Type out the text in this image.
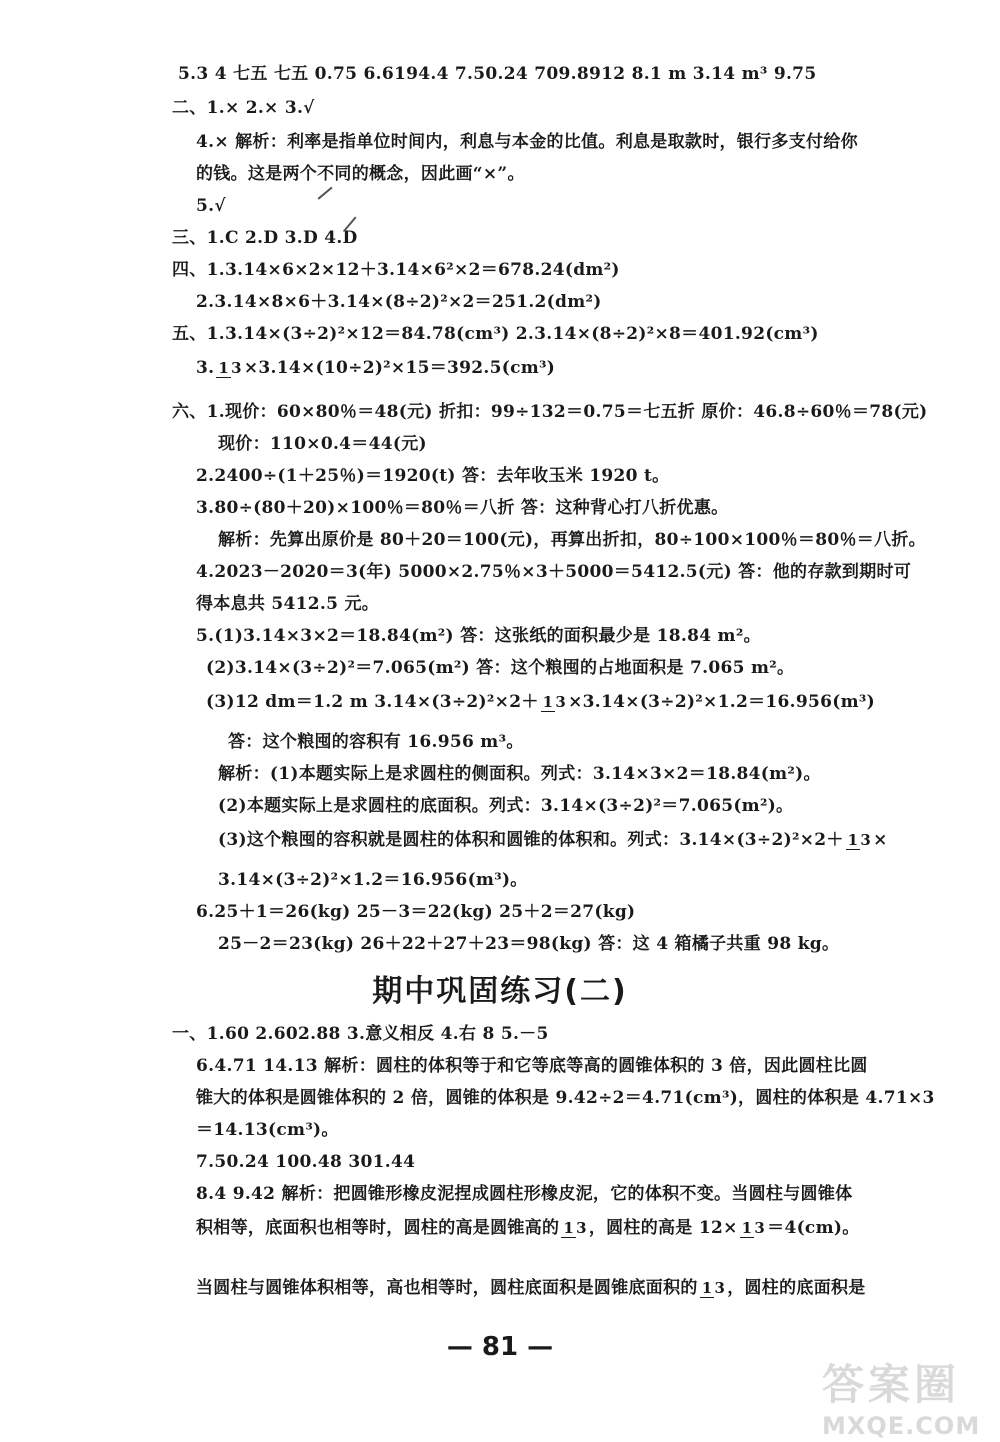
5.3 4 七五 七五 0.75 6.6194.4 7.50.24 709.8912 8.1 m 3.14 m³ 9.75
二、1.× 2.× 3.√
4.× 解析：利率是指单位时间内，利息与本金的比值。利息是取款时，银行多支付给你
的钱。这是两个不同的概念，因此画“×”。
5.√
三、1.C 2.D 3.D 4.D
四、1.3.14×6×2×12＋3.14×6²×2＝678.24(dm²)
2.3.14×8×6＋3.14×(8÷2)²×2＝251.2(dm²)
五、1.3.14×(3÷2)²×12＝84.78(cm³) 2.3.14×(8÷2)²×8＝401.92(cm³)
3. 1 3 ×3.14×(10÷2)²×15＝392.5(cm³)
六、1.现价：60×80％＝48(元) 折扣：99÷132＝0.75＝七五折 原价：46.8÷60％＝78(元)
现价：110×0.4＝44(元)
2.2400÷(1＋25％)＝1920(t) 答：去年收玉米 1920 t。
3.80÷(80＋20)×100％＝80％＝八折 答：这种背心打八折优惠。
解析：先算出原价是 80＋20＝100(元)，再算出折扣，80÷100×100％＝80％＝八折。
4.2023－2020＝3(年) 5000×2.75％×3＋5000＝5412.5(元) 答：他的存款到期时可
得本息共 5412.5 元。
5.(1)3.14×3×2＝18.84(m²) 答：这张纸的面积最少是 18.84 m²。
(2)3.14×(3÷2)²＝7.065(m²) 答：这个粮囤的占地面积是 7.065 m²。
(3)12 dm＝1.2 m 3.14×(3÷2)²×2＋ 1 3 ×3.14×(3÷2)²×1.2＝16.956(m³)
答：这个粮囤的容积有 16.956 m³。
解析：(1)本题实际上是求圆柱的侧面积。列式：3.14×3×2＝18.84(m²)。
(2)本题实际上是求圆柱的底面积。列式：3.14×(3÷2)²＝7.065(m²)。
(3)这个粮囤的容积就是圆柱的体积和圆锥的体积和。列式：3.14×(3÷2)²×2＋ 1 3 ×
3.14×(3÷2)²×1.2＝16.956(m³)。
6.25＋1＝26(kg) 25－3＝22(kg) 25＋2＝27(kg)
25－2＝23(kg) 26＋22＋27＋23＝98(kg) 答：这 4 箱橘子共重 98 kg。
期中巩固练习(二)
一、1.60 2.602.88 3.意义相反 4.右 8 5.－5
6.4.71 14.13 解析：圆柱的体积等于和它等底等高的圆锥体积的 3 倍，因此圆柱比圆
锥大的体积是圆锥体积的 2 倍，圆锥的体积是 9.42÷2＝4.71(cm³)，圆柱的体积是 4.71×3
＝14.13(cm³)。
7.50.24 100.48 301.44
8.4 9.42 解析：把圆锥形橡皮泥捏成圆柱形橡皮泥，它的体积不变。当圆柱与圆锥体
积相等，底面积也相等时，圆柱的高是圆锥高的 1 3 ，圆柱的高是 12× 1 3 ＝4(cm)。
当圆柱与圆锥体积相等，高也相等时，圆柱底面积是圆锥底面积的 1 3 ，圆柱的底面积是
— 81 —
答案圈
MXQE.COM
